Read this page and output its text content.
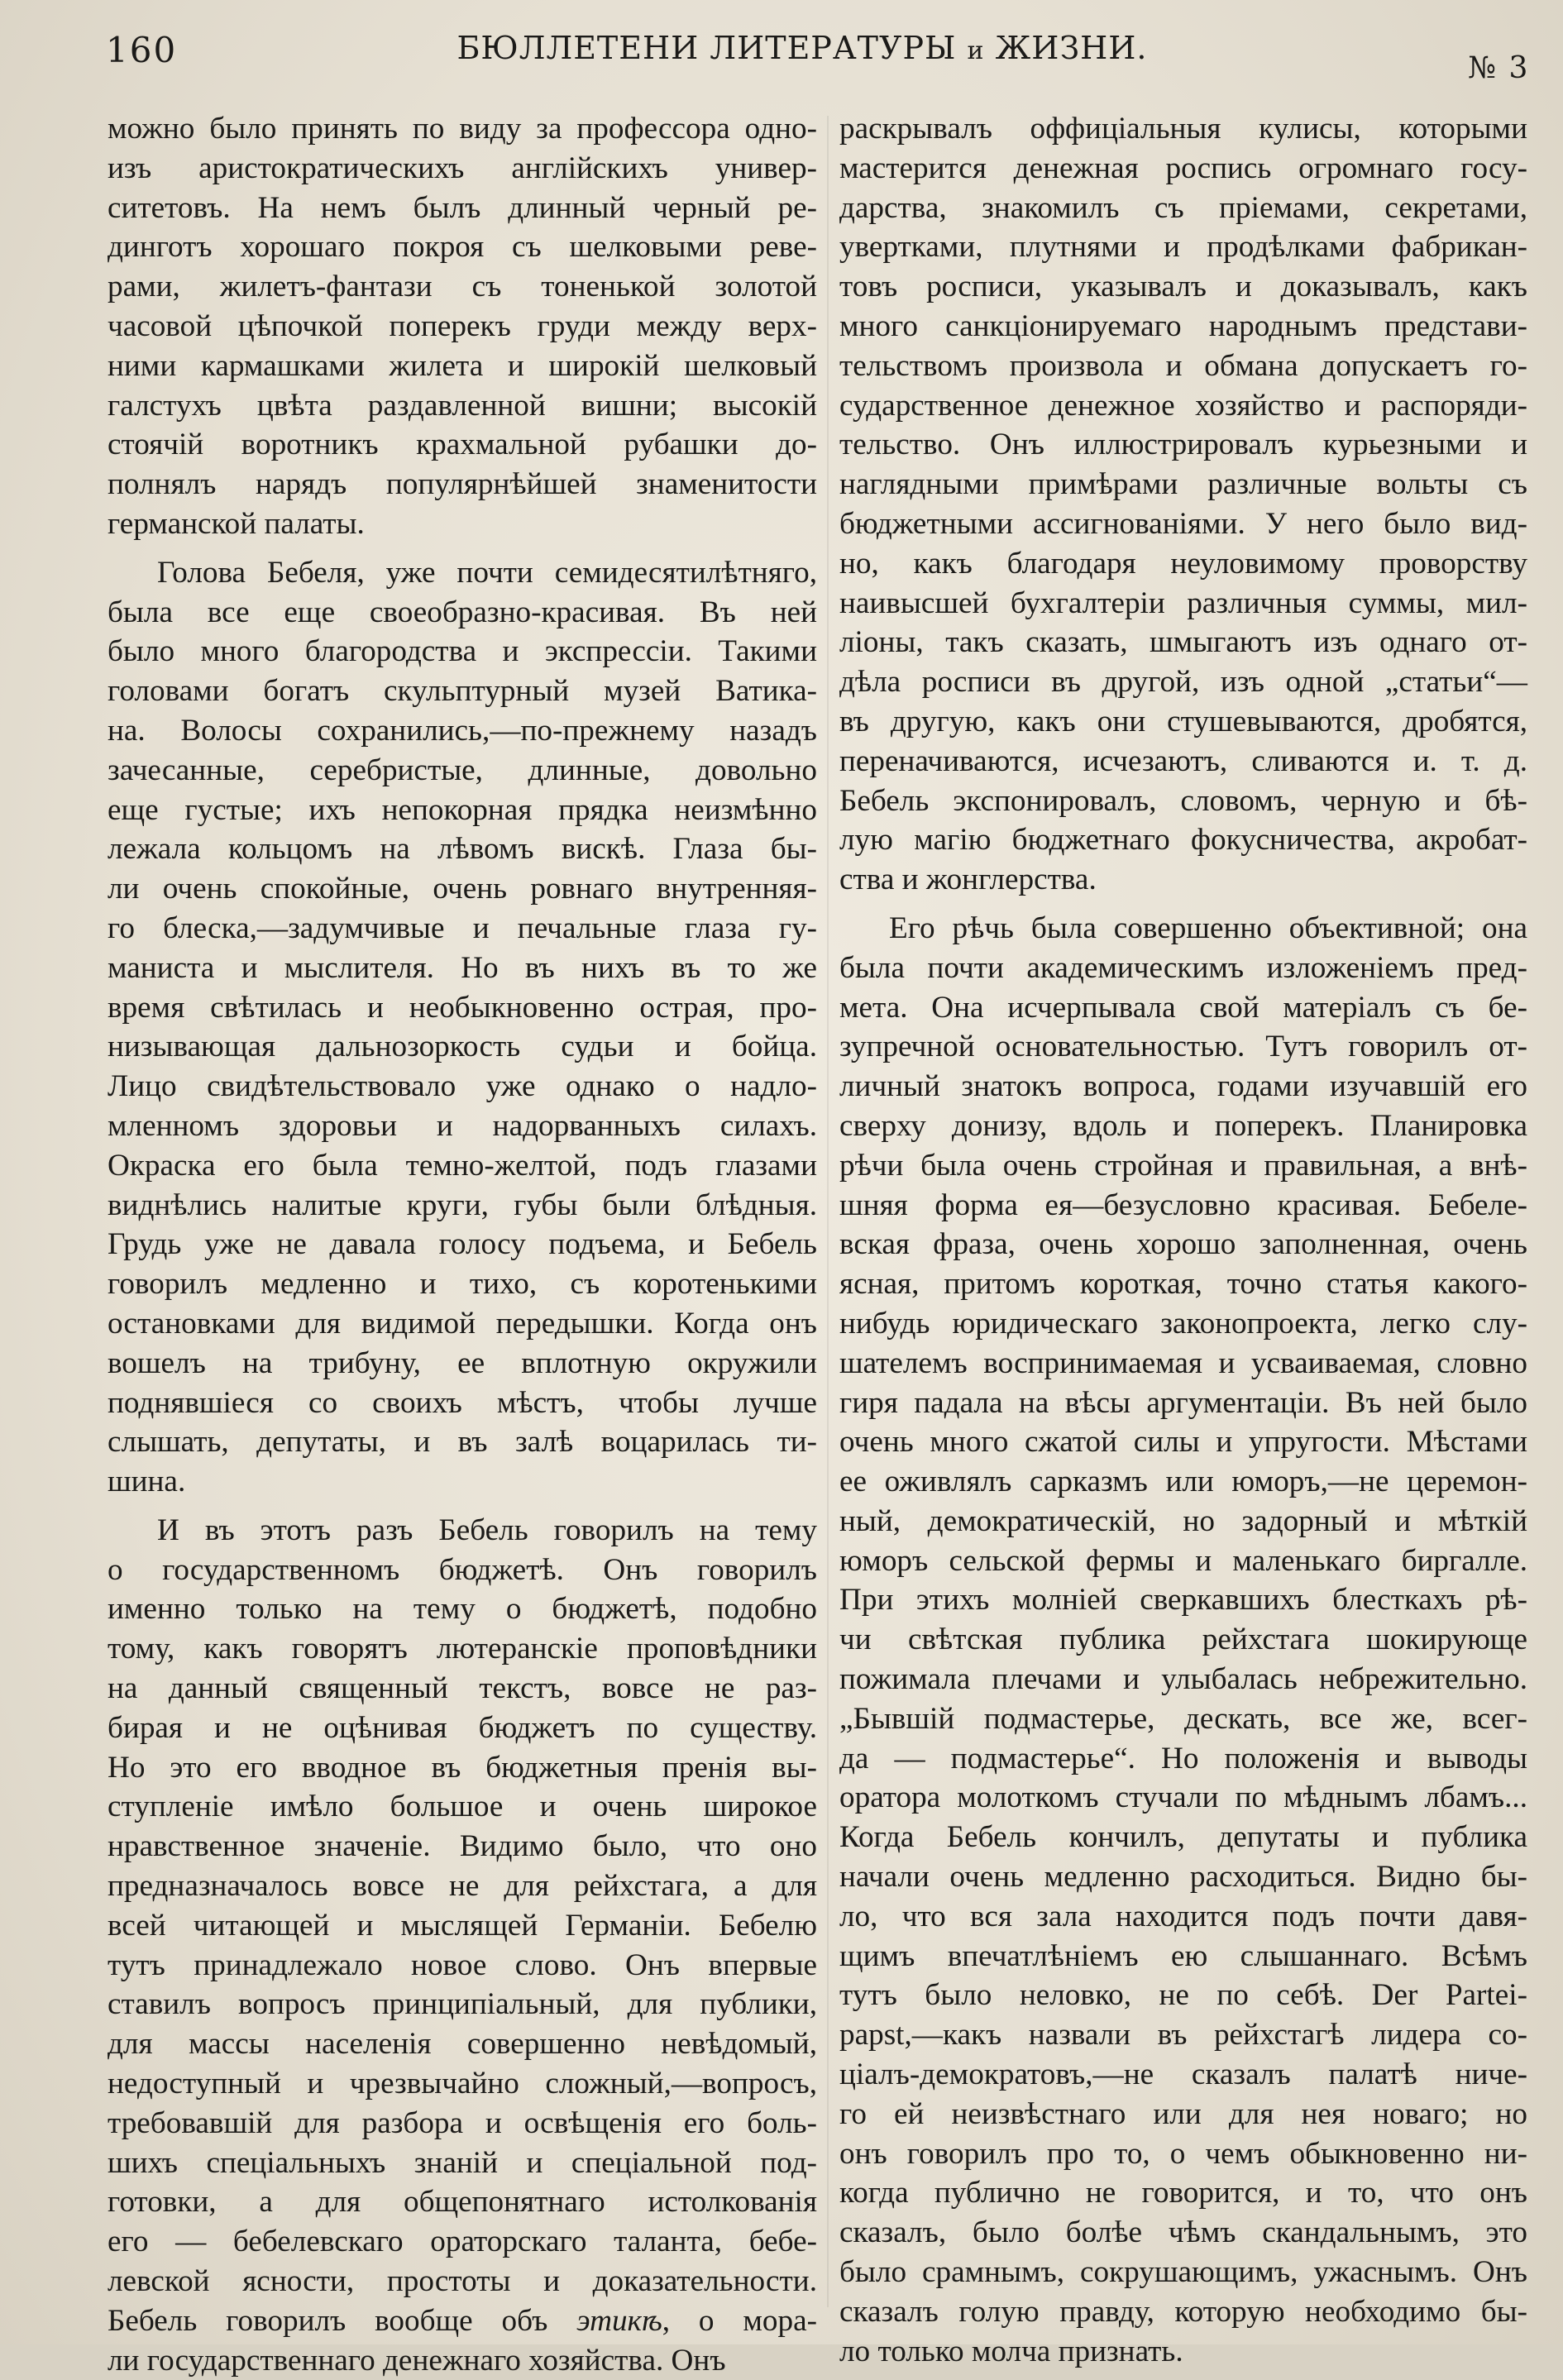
160	БЮЛЛЕТЕНИ ЛИТЕРАТУРЫ и ЖИЗНИ.
№ 3
можно было принять по виду за профессора одно-
изъ аристократическихъ англійскихъ универ-
ситетовъ. На немъ былъ длинный черный ре-
динготъ хорошаго покроя съ шелковыми реве-
рами, жилетъ-фантази съ тоненькой золотой
часовой цѣпочкой поперекъ груди между верх-
ними кармашками жилета и широкій шелковый
галстухъ цвѣта раздавленной вишни; высокій
стоячій воротникъ крахмальной рубашки до-
полнялъ нарядъ популярнѣйшей знаменитости
германской палаты.
Голова Бебеля, уже почти семидесятилѣтняго,
была все еще своеобразно-красивая. Въ ней
было много благородства и экспрессіи. Такими
головами богатъ скульптурный музей Ватика-
на. Волосы сохранились,—по-прежнему назадъ
зачесанные, серебристые, длинные, довольно
еще густые; ихъ непокорная прядка неизмѣнно
лежала кольцомъ на лѣвомъ вискѣ. Глаза бы-
ли очень спокойные, очень ровнаго внутренняя-
го блеска,—задумчивые и печальные глаза гу-
маниста и мыслителя. Но въ нихъ въ то же
время свѣтилась и необыкновенно острая, про-
низывающая дальнозоркость судьи и бойца.
Лицо свидѣтельствовало уже однако о надло-
мленномъ здоровьи и надорванныхъ силахъ.
Окраска его была темно-желтой, подъ глазами
виднѣлись налитые круги, губы были блѣдныя.
Грудь уже не давала голосу подъема, и Бебель
говорилъ медленно и тихо, съ коротенькими
остановками для видимой передышки. Когда онъ
вошелъ на трибуну, ее вплотную окружили
поднявшіеся со своихъ мѣстъ, чтобы лучше
слышать, депутаты, и въ залѣ воцарилась ти-
шина.
И въ этотъ разъ Бебель говорилъ на тему
о государственномъ бюджетѣ. Онъ говорилъ
именно только на тему о бюджетѣ, подобно
тому, какъ говорятъ лютеранскіе проповѣдники
на данный священный текстъ, вовсе не раз-
бирая и не оцѣнивая бюджетъ по существу.
Но это его вводное въ бюджетныя пренія вы-
ступленіе имѣло большое и очень широкое
нравственное значеніе. Видимо было, что оно
предназначалось вовсе не для рейхстага, а для
всей читающей и мыслящей Германіи. Бебелю
тутъ принадлежало новое слово. Онъ впервые
ставилъ вопросъ принципіальный, для публики,
для массы населенія совершенно невѣдомый,
недоступный и чрезвычайно сложный,—вопросъ,
требовавшій для разбора и освѣщенія его боль-
шихъ спеціальныхъ знаній и спеціальной под-
готовки, а для общепонятнаго истолкованія
его — бебелевскаго ораторскаго таланта, бебе-
левской ясности, простоты и доказательности.
Бебель говорилъ вообще объ этикѣ, о мора-
ли государственнаго денежнаго хозяйства. Онъ
раскрывалъ оффиціальныя кулисы, которыми
мастерится денежная роспись огромнаго госу-
дарства, знакомилъ съ пріемами, секретами,
увертками, плутнями и продѣлками фабрикан-
товъ росписи, указывалъ и доказывалъ, какъ
много санкціонируемаго народнымъ представи-
тельствомъ произвола и обмана допускаетъ го-
сударственное денежное хозяйство и распоряди-
тельство. Онъ иллюстрировалъ курьезными и
наглядными примѣрами различные вольты съ
бюджетными ассигнованіями. У него было вид-
но, какъ благодаря неуловимому проворству
наивысшей бухгалтеріи различныя суммы, мил-
ліоны, такъ сказать, шмыгаютъ изъ однаго от-
дѣла росписи въ другой, изъ одной „статьи“—
въ другую, какъ они стушевываются, дробятся,
переначиваются, исчезаютъ, сливаются и. т. д.
Бебель экспонировалъ, словомъ, черную и бѣ-
лую магію бюджетнаго фокусничества, акробат-
ства и жонглерства.
Его рѣчь была совершенно объективной; она
была почти академическимъ изложеніемъ пред-
мета. Она исчерпывала свой матеріалъ съ бе-
зупречной основательностью. Тутъ говорилъ от-
личный знатокъ вопроса, годами изучавшій его
сверху донизу, вдоль и поперекъ. Планировка
рѣчи была очень стройная и правильная, а внѣ-
шняя форма ея—безусловно красивая. Бебеле-
вская фраза, очень хорошо заполненная, очень
ясная, притомъ короткая, точно статья какого-
нибудь юридическаго законопроекта, легко слу-
шателемъ воспринимаемая и усваиваемая, словно
гиря падала на вѣсы аргументаціи. Въ ней было
очень много сжатой силы и упругости. Мѣстами
ее оживлялъ сарказмъ или юморъ,—не церемон-
ный, демократическій, но задорный и мѣткій
юморъ сельской фермы и маленькаго биргалле.
При этихъ молніей сверкавшихъ блесткахъ рѣ-
чи свѣтская публика рейхстага шокирующе
пожимала плечами и улыбалась небрежительно.
„Бывшій подмастерье, дескать, все же, всег-
да — подмастерье“. Но положенія и выводы
оратора молоткомъ стучали по мѣднымъ лбамъ...
Когда Бебель кончилъ, депутаты и публика
начали очень медленно расходиться. Видно бы-
ло, что вся зала находится подъ почти давя-
щимъ впечатлѣніемъ ею слышаннаго. Всѣмъ
тутъ было неловко, не по себѣ. Der Partei-
papst,—какъ назвали въ рейхстагѣ лидера со-
ціалъ-демократовъ,—не сказалъ палатѣ ниче-
го ей неизвѣстнаго или для нея новаго; но
онъ говорилъ про то, о чемъ обыкновенно ни-
когда публично не говорится, и то, что онъ
сказалъ, было болѣе чѣмъ скандальнымъ, это
было срамнымъ, сокрушающимъ, ужаснымъ. Онъ
сказалъ голую правду, которую необходимо бы-
ло только молча признать.
